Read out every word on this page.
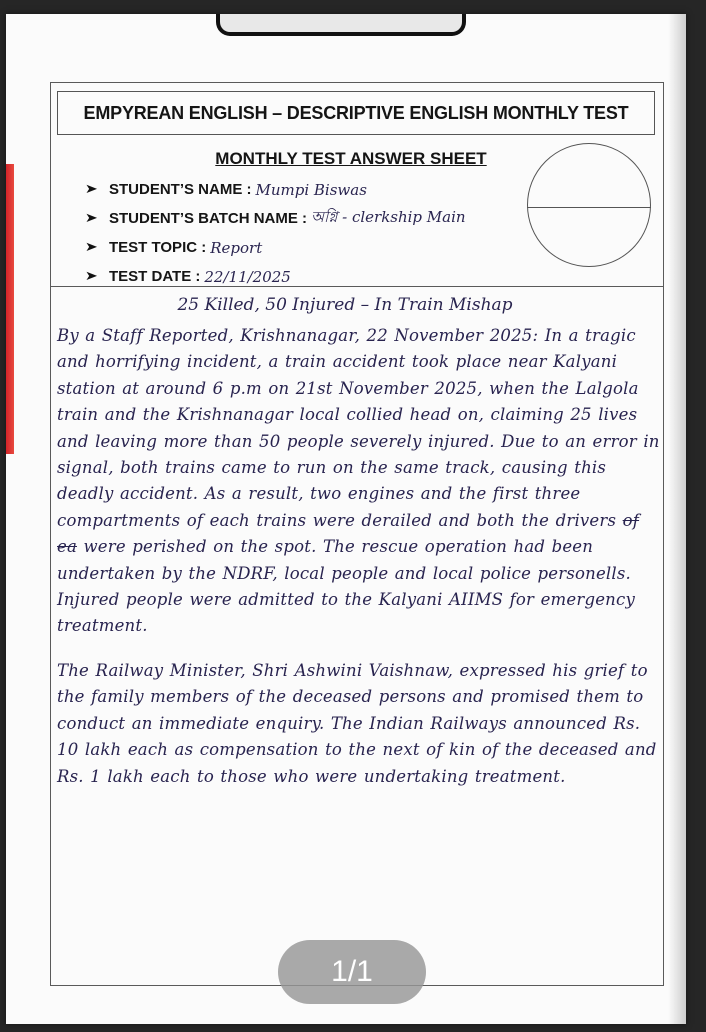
EMPYREAN ENGLISH – DESCRIPTIVE ENGLISH MONTHLY TEST
MONTHLY TEST ANSWER SHEET
➤ STUDENT’S NAME : Mumpi Biswas
➤ STUDENT’S BATCH NAME : অগ্নি - clerkship Main
➤ TEST TOPIC : Report
➤ TEST DATE : 22/11/2025
25 Killed, 50 Injured – In Train Mishap

By a Staff Reported, Krishnanagar, 22 November 2025: In a tragic and horrifying incident, a train accident took place near Kalyani station at around 6 p.m on 21st November 2025, when the Lalgola train and the Krishnanagar local collied head on, claiming 25 lives and leaving more than 50 people severely injured. Due to an error in signal, both trains came to run on the same track, causing this deadly accident. As a result, two engines and the first three compartments of each trains were derailed and both the drivers of ea were perished on the spot. The rescue operation had been undertaken by the NDRF, local people and local police personells. Injured people were admitted to the Kalyani AIIMS for emergency treatment.

The Railway Minister, Shri Ashwini Vaishnaw, expressed his grief to the family members of the deceased persons and promised them to conduct an immediate enquiry. The Indian Railways announced Rs. 10 lakh each as compensation to the next of kin of the deceased and Rs. 1 lakh each to those who were undertaking treatment.

1/1
